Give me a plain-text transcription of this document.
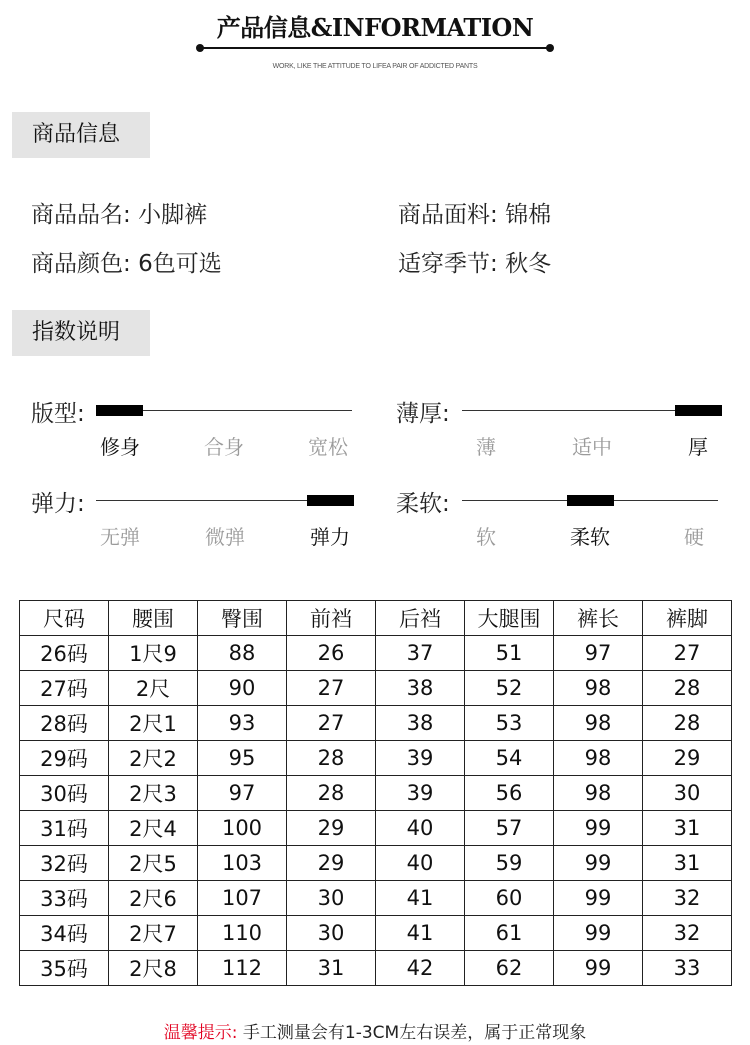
产品信息&INFORMATION
WORK, LIKE THE ATTITUDE TO LIFEA PAIR OF ADDICTED PANTS
商品信息
商品品名: 小脚裤	商品面料: 锦棉
商品颜色: 6色可选	适穿季节: 秋冬
指数说明
版型:
修身	合身	宽松
薄厚:
薄	适中	厚
弹力:
无弹	微弹	弹力
柔软:
软	柔软	硬
尺码	腰围	臀围	前裆	后裆	大腿围	裤长	裤脚
26码	1尺9	88	26	37	51	97	27
27码	2尺	90	27	38	52	98	28
28码	2尺1	93	27	38	53	98	28
29码	2尺2	95	28	39	54	98	29
30码	2尺3	97	28	39	56	98	30
31码	2尺4	100	29	40	57	99	31
32码	2尺5	103	29	40	59	99	31
33码	2尺6	107	30	41	60	99	32
34码	2尺7	110	30	41	61	99	32
35码	2尺8	112	31	42	62	99	33
温馨提示: 手工测量会有1-3CM左右误差，属于正常现象
